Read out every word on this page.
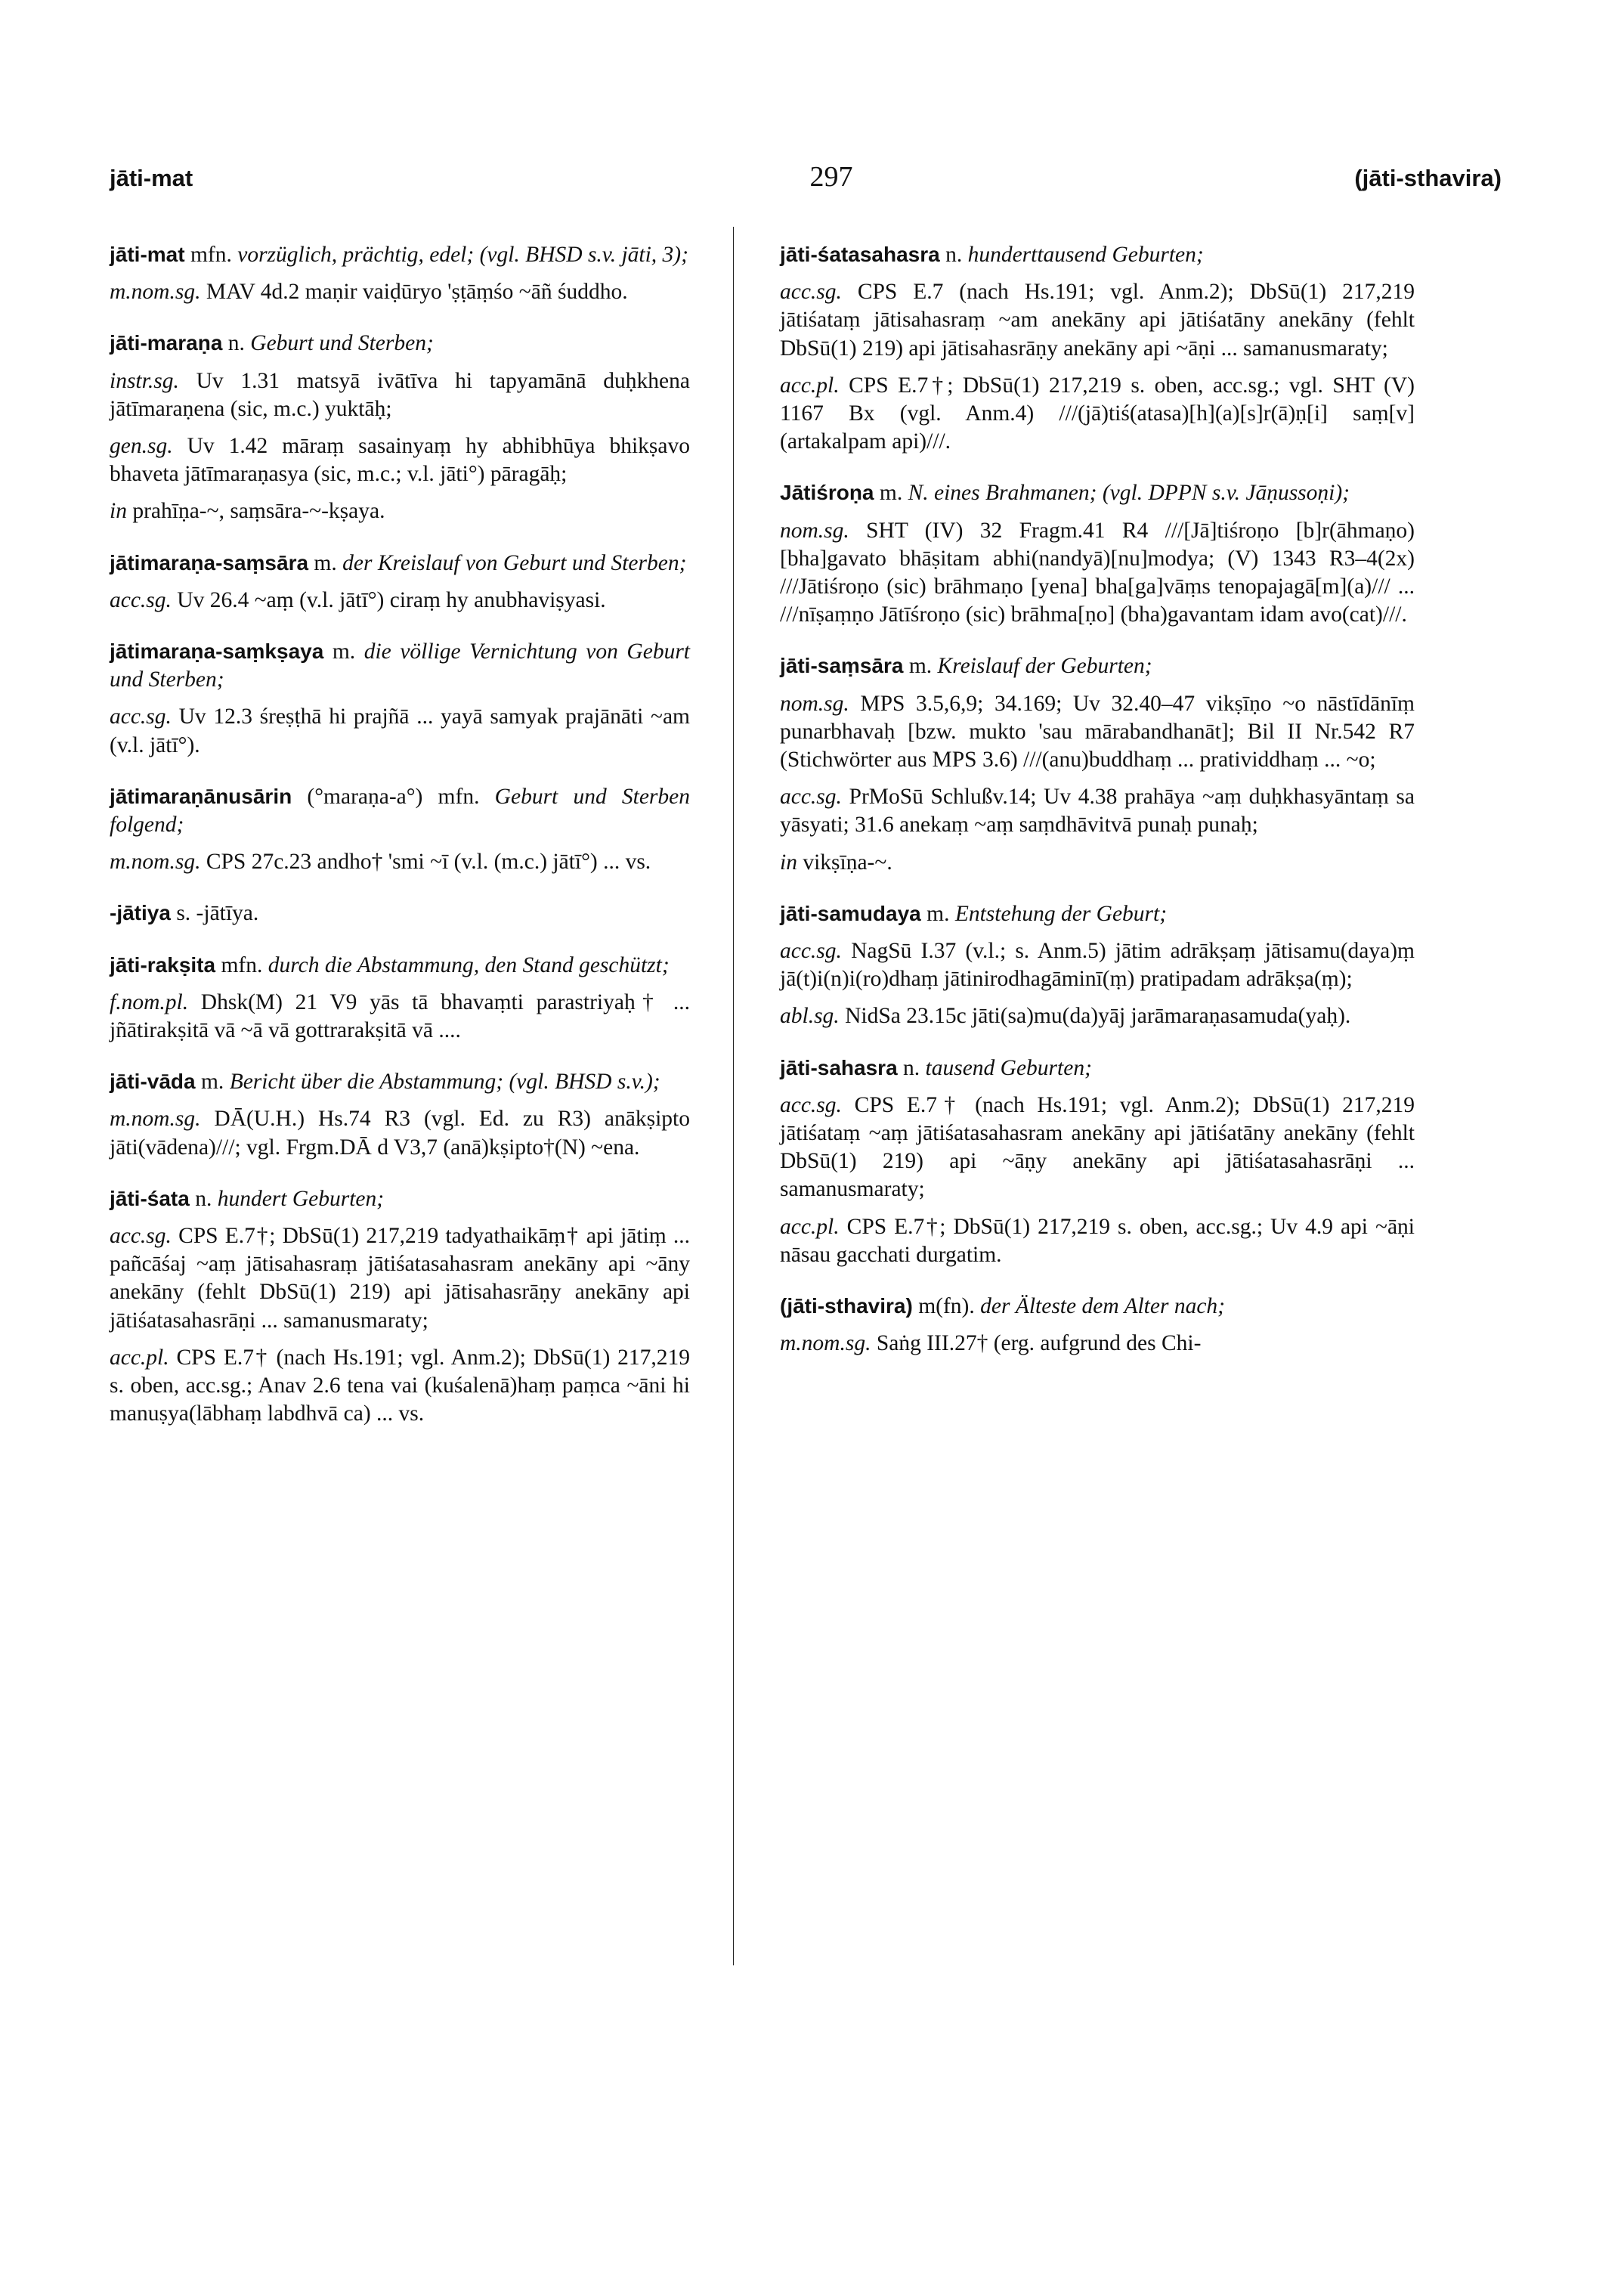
jāti-mat	297	(jāti-sthavira)

jāti-mat mfn. vorzüglich, prächtig, edel; (vgl. BHSD s.v. jāti, 3);

m.nom.sg. MAV 4d.2 maṇir vaiḍūryo 'ṣṭāṃśo ~āñ śuddho.

jāti-maraṇa n. Geburt und Sterben;

instr.sg. Uv 1.31 matsyā ivātīva hi tapyamānā duḥkhena jātīmaraṇena (sic, m.c.) yuktāḥ;

gen.sg. Uv 1.42 māraṃ sasainyaṃ hy abhibhūya bhikṣavo bhaveta jātīmaraṇasya (sic, m.c.; v.l. jāti°) pāragāḥ;

in prahīṇa-~, saṃsāra-~-kṣaya.

jātimaraṇa-saṃsāra m. der Kreislauf von Geburt und Sterben;

acc.sg. Uv 26.4 ~aṃ (v.l. jātī°) ciraṃ hy anubhaviṣyasi.

jātimaraṇa-saṃkṣaya m. die völlige Vernichtung von Geburt und Sterben;

acc.sg. Uv 12.3 śreṣṭhā hi prajñā ... yayā samyak prajānāti ~am (v.l. jātī°).

jātimaraṇānusārin (°maraṇa-a°) mfn. Geburt und Sterben folgend;

m.nom.sg. CPS 27c.23 andho† 'smi ~ī (v.l. (m.c.) jātī°) ... vs.

-jātiya s. -jātīya.

jāti-rakṣita mfn. durch die Abstammung, den Stand geschützt;

f.nom.pl. Dhsk(M) 21 V9 yās tā bhavaṃti parastriyaḥ† ... jñātirakṣitā vā ~ā vā gottrarakṣitā vā ....

jāti-vāda m. Bericht über die Abstammung; (vgl. BHSD s.v.);

m.nom.sg. DĀ(U.H.) Hs.74 R3 (vgl. Ed. zu R3) anākṣipto jāti(vādena)///; vgl. Frgm.DĀ d V3,7 (anā)kṣipto†(N) ~ena.

jāti-śata n. hundert Geburten;

acc.sg. CPS E.7†; DbSū(1) 217,219 tadyathaikāṃ† api jātiṃ ... pañcāśaj ~aṃ jātisahasraṃ jātiśatasahasram anekāny api ~āny anekāny (fehlt DbSū(1) 219) api jātisahasrāṇy anekāny api jātiśatasahasrāṇi ... samanusmaraty;

acc.pl. CPS E.7† (nach Hs.191; vgl. Anm.2); DbSū(1) 217,219 s. oben, acc.sg.; Anav 2.6 tena vai (kuśalenā)haṃ paṃca ~āni hi manuṣya(lābhaṃ labdhvā ca) ... vs.

jāti-śatasahasra n. hunderttausend Geburten;

acc.sg. CPS E.7 (nach Hs.191; vgl. Anm.2); DbSū(1) 217,219 jātiśataṃ jātisahasraṃ ~am anekāny api jātiśatāny anekāny (fehlt DbSū(1) 219) api jātisahasrāṇy anekāny api ~āṇi ... samanusmaraty;

acc.pl. CPS E.7†; DbSū(1) 217,219 s. oben, acc.sg.; vgl. SHT (V) 1167 Bx (vgl. Anm.4) ///(jā)tiś(atasa)[h](a)[s]r(ā)ṇ[i] saṃ[v](artakalpam api)///.

Jātiśroṇa m. N. eines Brahmanen; (vgl. DPPN s.v. Jāṇussoṇi);

nom.sg. SHT (IV) 32 Fragm.41 R4 ///[Jā]tiśroṇo [b]r(āhmaṇo) [bha]gavato bhāṣitam abhi(nandyā)[nu]modya; (V) 1343 R3–4(2x) ///Jātiśroṇo (sic) brāhmaṇo [yena] bha[ga]vāṃs tenopajagā[m](a)/// ... ///nīṣaṃṇo Jātīśroṇo (sic) brāhma[ṇo] (bha)gavantam idam avo(cat)///.

jāti-saṃsāra m. Kreislauf der Geburten;

nom.sg. MPS 3.5,6,9; 34.169; Uv 32.40–47 vikṣīṇo ~o nāstīdānīṃ punarbhavaḥ [bzw. mukto 'sau mārabandhanāt]; Bil II Nr.542 R7 (Stichwörter aus MPS 3.6) ///(anu)buddhaṃ ... pratividdhaṃ ... ~o;

acc.sg. PrMoSū Schlußv.14; Uv 4.38 prahāya ~aṃ duḥkhasyāntaṃ sa yāsyati; 31.6 anekaṃ ~aṃ saṃdhāvitvā punaḥ punaḥ;

in vikṣīṇa-~.

jāti-samudaya m. Entstehung der Geburt;

acc.sg. NagSū I.37 (v.l.; s. Anm.5) jātim adrākṣaṃ jātisamu(daya)ṃ jā(t)i(n)i(ro)dhaṃ jātinirodhagāminī(ṃ) pratipadam adrākṣa(ṃ);

abl.sg. NidSa 23.15c jāti(sa)mu(da)yāj jarāmaraṇasamuda(yaḥ).

jāti-sahasra n. tausend Geburten;

acc.sg. CPS E.7† (nach Hs.191; vgl. Anm.2); DbSū(1) 217,219 jātiśataṃ ~aṃ jātiśatasahasram anekāny api jātiśatāny anekāny (fehlt DbSū(1) 219) api ~āṇy anekāny api jātiśatasahasrāṇi ... samanusmaraty;

acc.pl. CPS E.7†; DbSū(1) 217,219 s. oben, acc.sg.; Uv 4.9 api ~āṇi nāsau gacchati durgatim.

(jāti-sthavira) m(fn). der Älteste dem Alter nach;

m.nom.sg. Saṅg III.27† (erg. aufgrund des Chi-
